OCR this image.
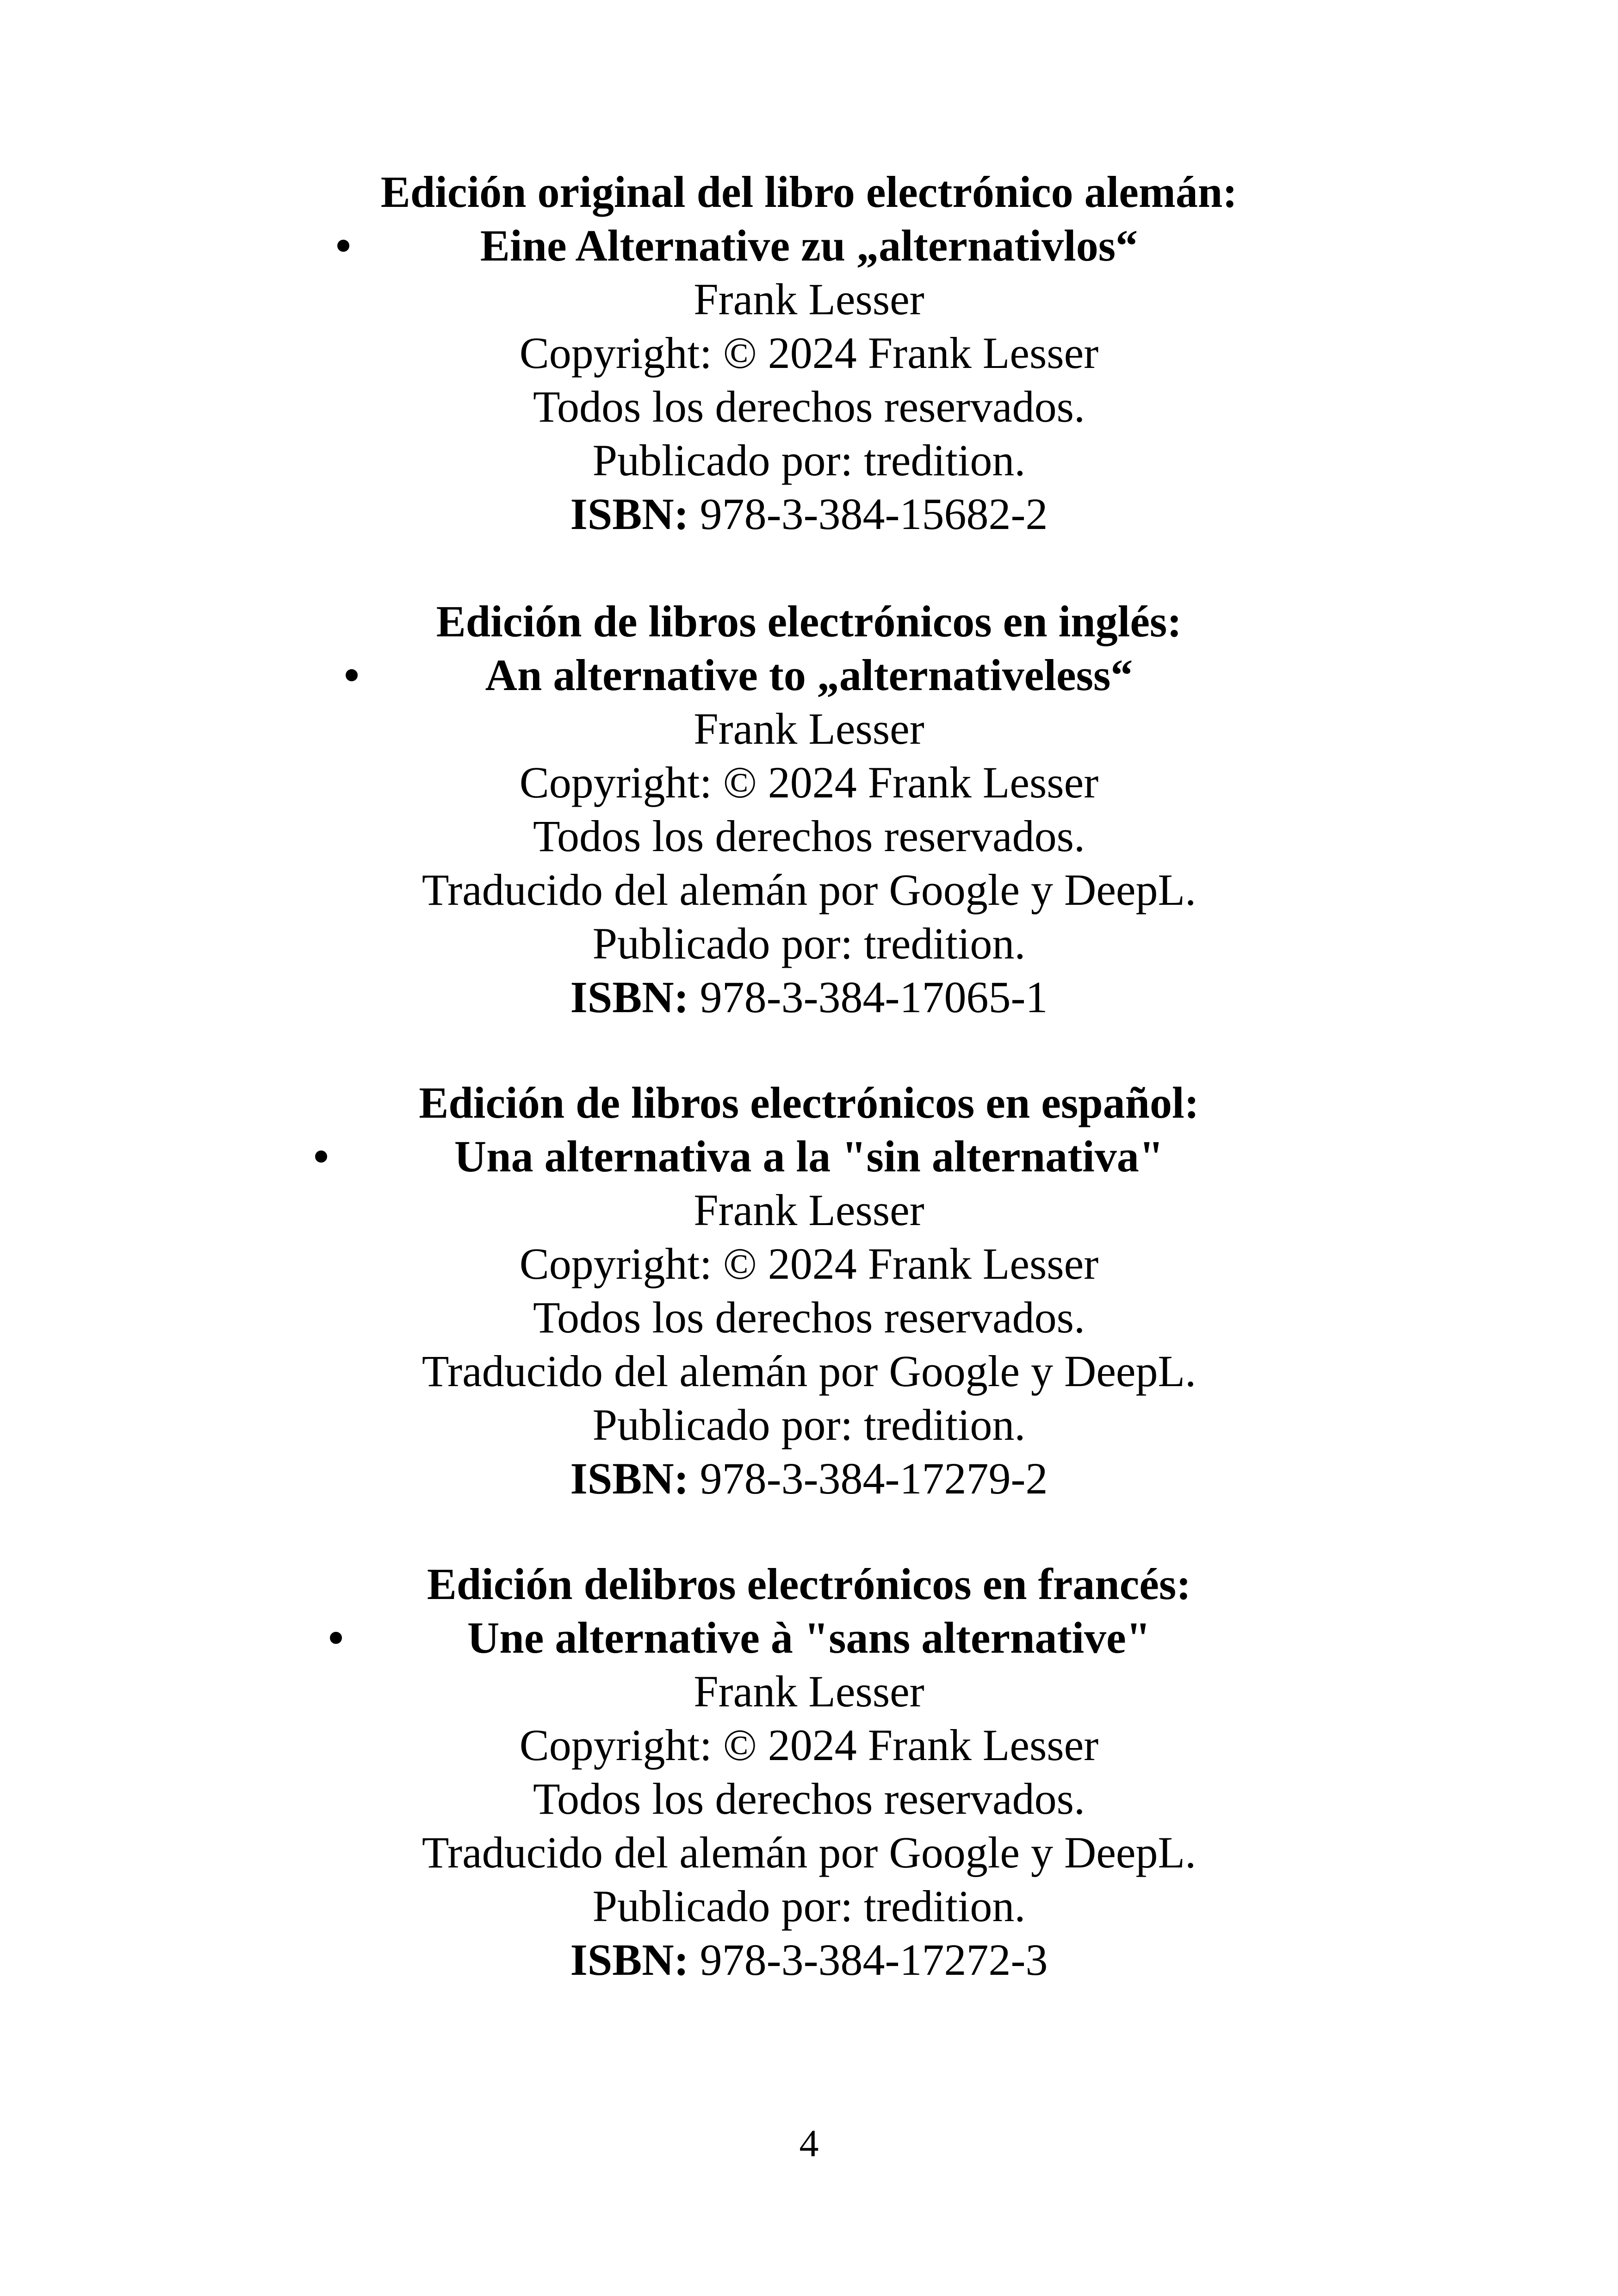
Edición original del libro electrónico alemán:
•	Eine Alternative zu „alternativlos“
Frank Lesser
Copyright: © 2024 Frank Lesser
Todos los derechos reservados.
Publicado por: tredition.
ISBN: 978-3-384-15682-2
Edición de libros electrónicos en inglés:
•	An alternative to „alternativeless“
Frank Lesser
Copyright: © 2024 Frank Lesser
Todos los derechos reservados.
Traducido del alemán por Google y DeepL.
Publicado por: tredition.
ISBN: 978-3-384-17065-1
Edición de libros electrónicos en español:
•	Una alternativa a la "sin alternativa"
Frank Lesser
Copyright: © 2024 Frank Lesser
Todos los derechos reservados.
Traducido del alemán por Google y DeepL.
Publicado por: tredition.
ISBN: 978-3-384-17279-2
Edición delibros electrónicos en francés:
•	Une alternative à "sans alternative"
Frank Lesser
Copyright: © 2024 Frank Lesser
Todos los derechos reservados.
Traducido del alemán por Google y DeepL.
Publicado por: tredition.
ISBN: 978-3-384-17272-3
4
